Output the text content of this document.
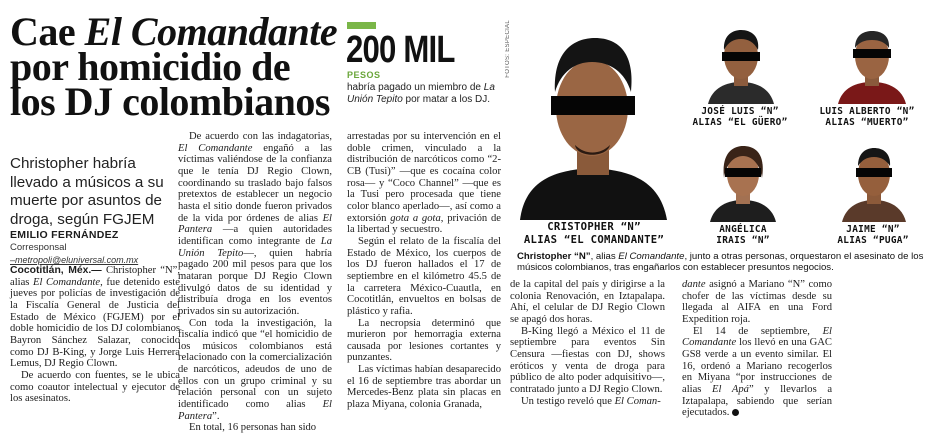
Cae El Comandante
por homicidio de
los DJ colombianos

Christopher habría llevado a músicos a su muerte por asuntos de droga, según FGJEM

EMILIO FERNÁNDEZ
Corresponsal
–metropoli@eluniversal.com.mx

Cocotitlán, Méx.— Christopher “N”, alias El Comandante, fue detenido este jueves por policías de investigación de la Fiscalía General de Justicia del Estado de México (FGJEM) por el doble homicidio de los DJ colombianos Bayron Sánchez Salazar, conocido como DJ B-King, y Jorge Luis Herrera Lemus, DJ Regio Clown.

De acuerdo con fuentes, se le ubica como coautor intelectual y ejecutor de los asesinatos.

De acuerdo con las indagatorias, El Comandante engañó a las víctimas valiéndose de la confianza que le tenía DJ Regio Clown, coordinando su traslado bajo falsos pretextos de establecer un negocio hasta el sitio donde fueron privados de la vida por órdenes de alias El Pantera —a quien autoridades identifican como integrante de La Unión Tepito—, quien habría pagado 200 mil pesos para que los mataran porque DJ Regio Clown divulgó datos de su identidad y distribuía droga en los eventos privados sin su autorización.

Con toda la investigación, la fiscalía indicó que “el homicidio de los músicos colombianos está relacionado con la comercialización de narcóticos, adeudos de uno de ellos con un grupo criminal y su relación personal con un sujeto identificado como alias El Pantera”.

En total, 16 personas han sido

200 MIL
PESOS
habría pagado un miembro de La Unión Tepito por matar a los DJ.

arrestadas por su intervención en el doble crimen, vinculado a la distribución de narcóticos como “2-CB (Tusi)” —que es cocaína color rosa— y “Coco Channel” —que es la Tusi pero procesada que tiene color blanco aperlado—, así como a extorsión gota a gota, privación de la libertad y secuestro.

Según el relato de la fiscalía del Estado de México, los cuerpos de los DJ fueron hallados el 17 de septiembre en el kilómetro 45.5 de la carretera México-Cuautla, en Cocotitlán, envueltos en bolsas de plástico y rafia.

La necropsia determinó que murieron por hemorragia externa causada por lesiones cortantes y punzantes.

Las víctimas habían desaparecido el 16 de septiembre tras abordar un Mercedes-Benz plata sin placas en plaza Miyana, colonia Granada,

FOTOS: ESPECIAL
CRISTOPHER “N”
ALIAS “EL COMANDANTE”
JOSÉ LUIS “N”
ALIAS “EL GÜERO”
LUIS ALBERTO “N”
ALIAS “MUERTO”
ANGÉLICA
IRAIS “N”
JAIME “N”
ALIAS “PUGA”
Christopher “N”, alias El Comandante, junto a otras personas, orquestaron el asesinato de los músicos colombianos, tras engañarlos con establecer presuntos negocios.

de la capital del país y dirigirse a la colonia Renovación, en Iztapalapa. Ahí, el celular de DJ Regio Clown se apagó dos horas.

B-King llegó a México el 11 de septiembre para eventos Sin Censura —fiestas con DJ, shows eróticos y venta de droga para público de alto poder adquisitivo—, contratado junto a DJ Regio Clown.

Un testigo reveló que El Coman-

dante asignó a Mariano “N” como chofer de las víctimas desde su llegada al AIFA en una Ford Expedition roja.

El 14 de septiembre, El Comandante los llevó en una GAC GS8 verde a un evento similar. El 16, ordenó a Mariano recogerlos en Miyana “por instrucciones de alias El Apá” y llevarlos a Iztapalapa, sabiendo que serían ejecutados.
